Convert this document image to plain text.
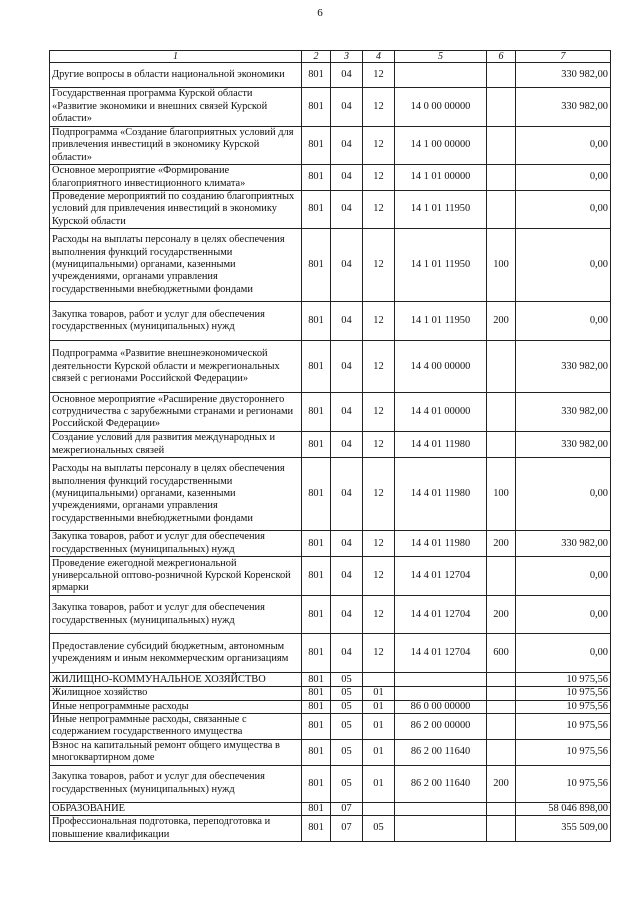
6
1	2	3	4	5	6	7
Другие вопросы в области национальной экономики	801	04	12			330 982,00
Государственная программа Курской области «Развитие экономики и внешних связей Курской области»	801	04	12	14 0 00 00000		330 982,00
Подпрограмма «Создание благоприятных условий для привлечения инвестиций в экономику Курской области»	801	04	12	14 1 00 00000		0,00
Основное мероприятие «Формирование благоприятного инвестиционного климата»	801	04	12	14 1 01 00000		0,00
Проведение мероприятий по созданию благоприятных условий для привлечения инвестиций в экономику Курской области	801	04	12	14 1 01 11950		0,00
Расходы на выплаты персоналу в целях обеспечения выполнения функций государственными (муниципальными) органами, казенными учреждениями, органами управления государственными внебюджетными фондами	801	04	12	14 1 01 11950	100	0,00
Закупка товаров, работ и услуг для обеспечения государственных (муниципальных) нужд	801	04	12	14 1 01 11950	200	0,00
Подпрограмма «Развитие внешнеэкономической деятельности Курской области и межрегиональных связей с регионами Российской Федерации»	801	04	12	14 4 00 00000		330 982,00
Основное мероприятие «Расширение двустороннего сотрудничества с зарубежными странами и регионами Российской Федерации»	801	04	12	14 4 01 00000		330 982,00
Создание условий для развития международных и межрегиональных связей	801	04	12	14 4 01 11980		330 982,00
Расходы на выплаты персоналу в целях обеспечения выполнения функций государственными (муниципальными) органами, казенными учреждениями, органами управления государственными внебюджетными фондами	801	04	12	14 4 01 11980	100	0,00
Закупка товаров, работ и услуг для обеспечения государственных (муниципальных) нужд	801	04	12	14 4 01 11980	200	330 982,00
Проведение ежегодной межрегиональной универсальной оптово-розничной Курской Коренской ярмарки	801	04	12	14 4 01 12704		0,00
Закупка товаров, работ и услуг для обеспечения государственных (муниципальных) нужд	801	04	12	14 4 01 12704	200	0,00
Предоставление субсидий бюджетным, автономным учреждениям и иным некоммерческим организациям	801	04	12	14 4 01 12704	600	0,00
ЖИЛИЩНО-КОММУНАЛЬНОЕ ХОЗЯЙСТВО	801	05				10 975,56
Жилищное хозяйство	801	05	01			10 975,56
Иные непрограммные расходы	801	05	01	86 0 00 00000		10 975,56
Иные непрограммные расходы, связанные с содержанием государственного имущества	801	05	01	86 2 00 00000		10 975,56
Взнос на капитальный ремонт общего имущества в многоквартирном доме	801	05	01	86 2 00 11640		10 975,56
Закупка товаров, работ и услуг для обеспечения государственных (муниципальных) нужд	801	05	01	86 2 00 11640	200	10 975,56
ОБРАЗОВАНИЕ	801	07				58 046 898,00
Профессиональная подготовка, переподготовка и повышение квалификации	801	07	05			355 509,00
